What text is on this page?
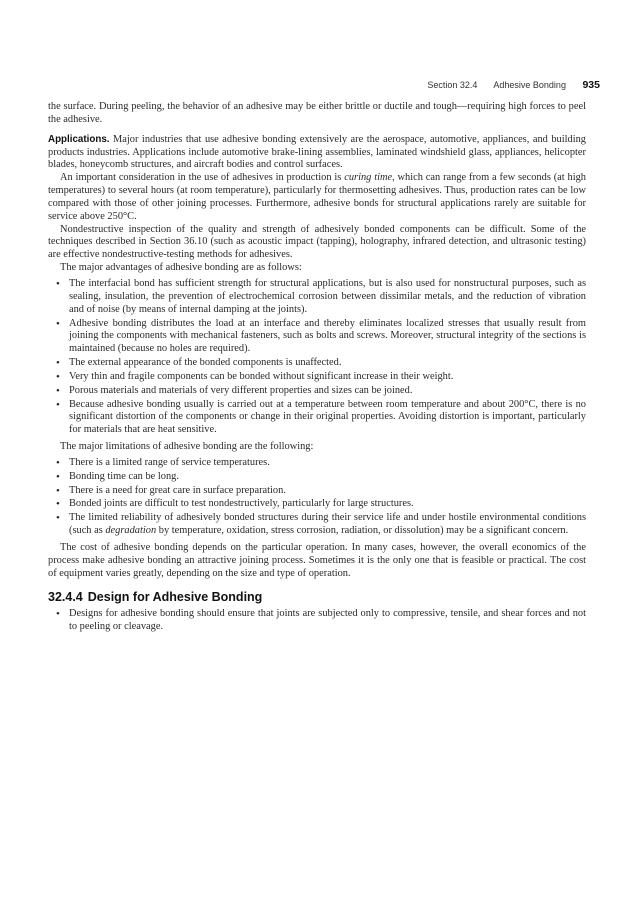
Section 32.4 Adhesive Bonding 935

the surface. During peeling, the behavior of an adhesive may be either brittle or ductile and tough—requiring high forces to peel the adhesive.

Applications. Major industries that use adhesive bonding extensively are the aerospace, automotive, appliances, and building products industries. Applications include automotive brake-lining assemblies, laminated windshield glass, appliances, helicopter blades, honeycomb structures, and aircraft bodies and control surfaces.

An important consideration in the use of adhesives in production is curing time, which can range from a few seconds (at high temperatures) to several hours (at room temperature), particularly for thermosetting adhesives. Thus, production rates can be low compared with those of other joining processes. Furthermore, adhesive bonds for structural applications rarely are suitable for service above 250°C.

Nondestructive inspection of the quality and strength of adhesively bonded components can be difficult. Some of the techniques described in Section 36.10 (such as acoustic impact (tapping), holography, infrared detection, and ultrasonic testing) are effective nondestructive-testing methods for adhesives.

The major advantages of adhesive bonding are as follows:

• The interfacial bond has sufficient strength for structural applications, but is also used for nonstructural purposes, such as sealing, insulation, the prevention of electrochemical corrosion between dissimilar metals, and the reduction of vibration and of noise (by means of internal damping at the joints).
• Adhesive bonding distributes the load at an interface and thereby eliminates localized stresses that usually result from joining the components with mechanical fasteners, such as bolts and screws. Moreover, structural integrity of the sections is maintained (because no holes are required).
• The external appearance of the bonded components is unaffected.
• Very thin and fragile components can be bonded without significant increase in their weight.
• Porous materials and materials of very different properties and sizes can be joined.
• Because adhesive bonding usually is carried out at a temperature between room temperature and about 200°C, there is no significant distortion of the components or change in their original properties. Avoiding distortion is important, particularly for materials that are heat sensitive.

The major limitations of adhesive bonding are the following:

• There is a limited range of service temperatures.
• Bonding time can be long.
• There is a need for great care in surface preparation.
• Bonded joints are difficult to test nondestructively, particularly for large structures.
• The limited reliability of adhesively bonded structures during their service life and under hostile environmental conditions (such as degradation by temperature, oxidation, stress corrosion, radiation, or dissolution) may be a significant concern.

The cost of adhesive bonding depends on the particular operation. In many cases, however, the overall economics of the process make adhesive bonding an attractive joining process. Sometimes it is the only one that is feasible or practical. The cost of equipment varies greatly, depending on the size and type of operation.

32.4.4 Design for Adhesive Bonding
• Designs for adhesive bonding should ensure that joints are subjected only to compressive, tensile, and shear forces and not to peeling or cleavage.
